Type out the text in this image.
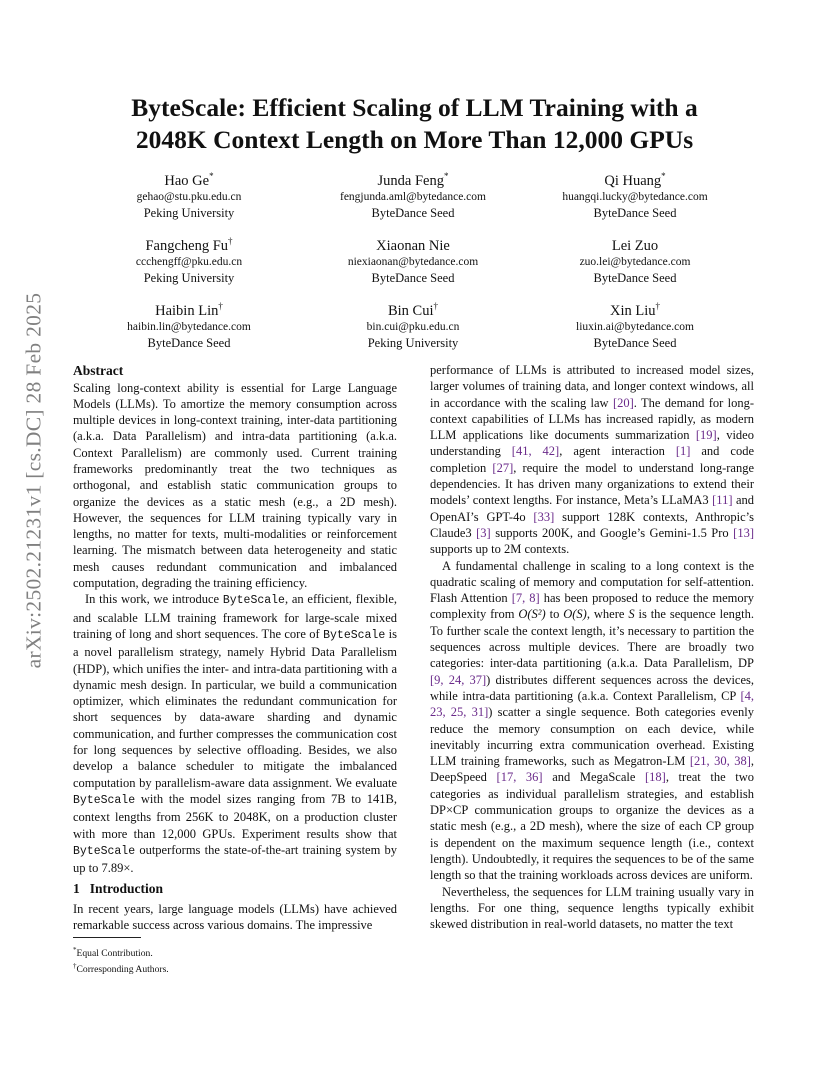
arXiv:2502.21231v1 [cs.DC] 28 Feb 2025
ByteScale: Efficient Scaling of LLM Training with a
2048K Context Length on More Than 12,000 GPUs
Hao Ge*
gehao@stu.pku.edu.cn
Peking University
Junda Feng*
fengjunda.aml@bytedance.com
ByteDance Seed
Qi Huang*
huangqi.lucky@bytedance.com
ByteDance Seed
Fangcheng Fu†
ccchengff@pku.edu.cn
Peking University
Xiaonan Nie
niexiaonan@bytedance.com
ByteDance Seed
Lei Zuo
zuo.lei@bytedance.com
ByteDance Seed
Haibin Lin†
haibin.lin@bytedance.com
ByteDance Seed
Bin Cui†
bin.cui@pku.edu.cn
Peking University
Xin Liu†
liuxin.ai@bytedance.com
ByteDance Seed
Abstract

Scaling long-context ability is essential for Large Language Models (LLMs). To amortize the memory consumption across multiple devices in long-context training, inter-data partitioning (a.k.a. Data Parallelism) and intra-data partitioning (a.k.a. Context Parallelism) are commonly used. Current training frameworks predominantly treat the two techniques as orthogonal, and establish static communication groups to organize the devices as a static mesh (e.g., a 2D mesh). However, the sequences for LLM training typically vary in lengths, no matter for texts, multi-modalities or reinforcement learning. The mismatch between data heterogeneity and static mesh causes redundant communication and imbalanced computation, degrading the training efficiency.

In this work, we introduce ByteScale, an efficient, flexible, and scalable LLM training framework for large-scale mixed training of long and short sequences. The core of ByteScale is a novel parallelism strategy, namely Hybrid Data Parallelism (HDP), which unifies the inter- and intra-data partitioning with a dynamic mesh design. In particular, we build a communication optimizer, which eliminates the redundant communication for short sequences by data-aware sharding and dynamic communication, and further compresses the communication cost for long sequences by selective offloading. Besides, we also develop a balance scheduler to mitigate the imbalanced computation by parallelism-aware data assignment. We evaluate ByteScale with the model sizes ranging from 7B to 141B, context lengths from 256K to 2048K, on a production cluster with more than 12,000 GPUs. Experiment results show that ByteScale outperforms the state-of-the-art training system by up to 7.89×.

1 Introduction

In recent years, large language models (LLMs) have achieved remarkable success across various domains. The impressive

performance of LLMs is attributed to increased model sizes, larger volumes of training data, and longer context windows, all in accordance with the scaling law [20]. The demand for long-context capabilities of LLMs has increased rapidly, as modern LLM applications like documents summarization [19], video understanding [41, 42], agent interaction [1] and code completion [27], require the model to understand long-range dependencies. It has driven many organizations to extend their models’ context lengths. For instance, Meta’s LLaMA3 [11] and OpenAI’s GPT-4o [33] support 128K contexts, Anthropic’s Claude3 [3] supports 200K, and Google’s Gemini-1.5 Pro [13] supports up to 2M contexts.

A fundamental challenge in scaling to a long context is the quadratic scaling of memory and computation for self-attention. Flash Attention [7, 8] has been proposed to reduce the memory complexity from O(S²) to O(S), where S is the sequence length. To further scale the context length, it’s necessary to partition the sequences across multiple devices. There are broadly two categories: inter-data partitioning (a.k.a. Data Parallelism, DP [9, 24, 37]) distributes different sequences across the devices, while intra-data partitioning (a.k.a. Context Parallelism, CP [4, 23, 25, 31]) scatter a single sequence. Both categories evenly reduce the memory consumption on each device, while inevitably incurring extra communication overhead. Existing LLM training frameworks, such as Megatron-LM [21, 30, 38], DeepSpeed [17, 36] and MegaScale [18], treat the two categories as individual parallelism strategies, and establish DP×CP communication groups to organize the devices as a static mesh (e.g., a 2D mesh), where the size of each CP group is dependent on the maximum sequence length (i.e., context length). Undoubtedly, it requires the sequences to be of the same length so that the training workloads across devices are uniform.

Nevertheless, the sequences for LLM training usually vary in lengths. For one thing, sequence lengths typically exhibit skewed distribution in real-world datasets, no matter the text

*Equal Contribution.
†Corresponding Authors.
